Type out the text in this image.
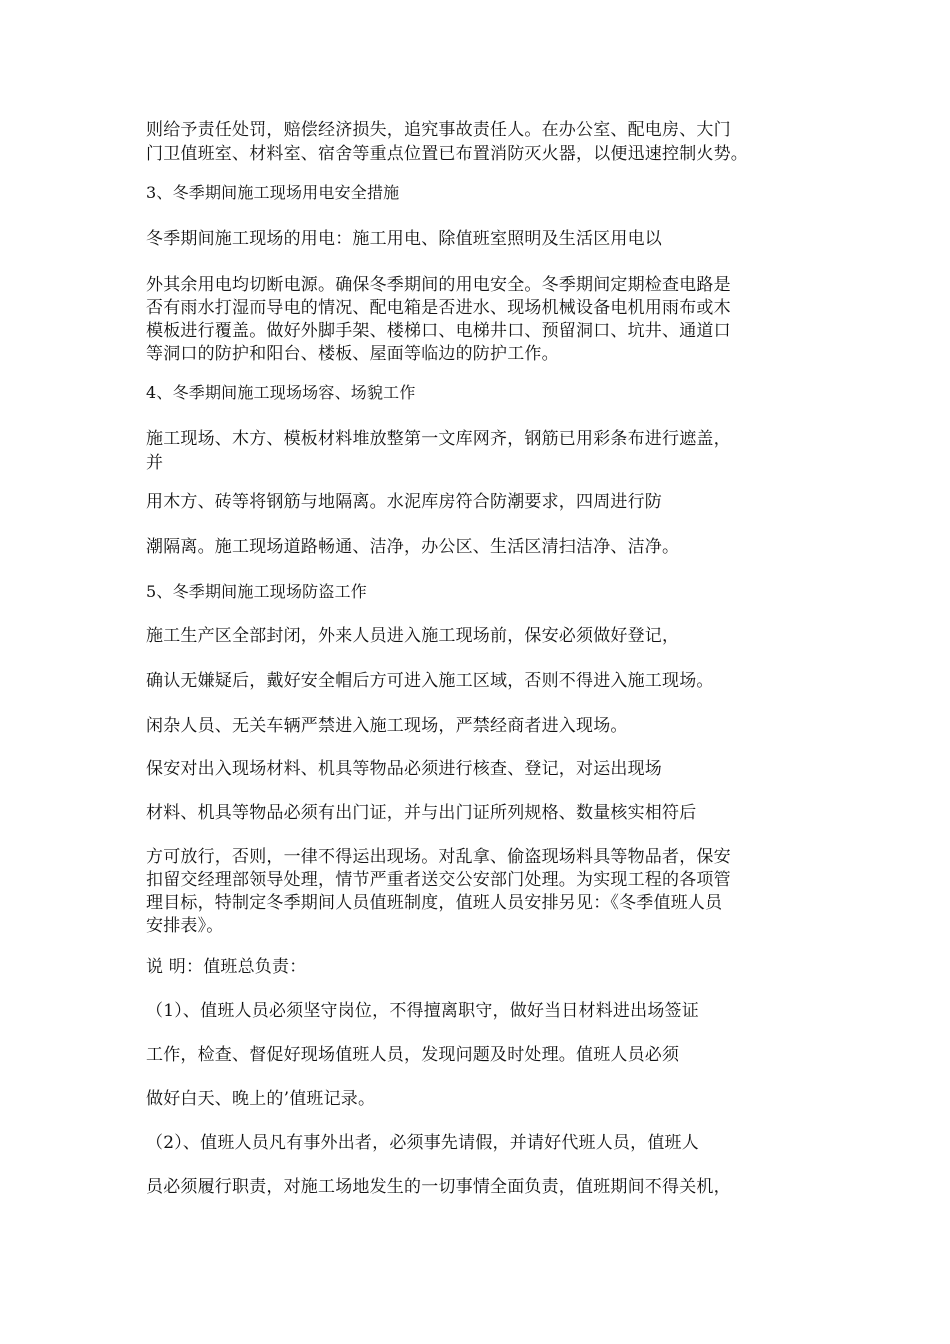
则给予责任处罚，赔偿经济损失，追究事故责任人。在办公室、配电房、大门
门卫值班室、材料室、宿舍等重点位置已布置消防灭火器，以便迅速控制火势。
3、冬季期间施工现场用电安全措施
冬季期间施工现场的用电：施工用电、除值班室照明及生活区用电以
外其余用电均切断电源。确保冬季期间的用电安全。冬季期间定期检查电路是
否有雨水打湿而导电的情况、配电箱是否进水、现场机械设备电机用雨布或木
模板进行覆盖。做好外脚手架、楼梯口、电梯井口、预留洞口、坑井、通道口
等洞口的防护和阳台、楼板、屋面等临边的防护工作。
4、冬季期间施工现场场容、场貌工作
施工现场、木方、模板材料堆放整第一文库网齐，钢筋已用彩条布进行遮盖，
并
用木方、砖等将钢筋与地隔离。水泥库房符合防潮要求，四周进行防
潮隔离。施工现场道路畅通、洁净，办公区、生活区清扫洁净、洁净。
5、冬季期间施工现场防盗工作
施工生产区全部封闭，外来人员进入施工现场前，保安必须做好登记，
确认无嫌疑后，戴好安全帽后方可进入施工区域，否则不得进入施工现场。
闲杂人员、无关车辆严禁进入施工现场，严禁经商者进入现场。
保安对出入现场材料、机具等物品必须进行核查、登记，对运出现场
材料、机具等物品必须有出门证，并与出门证所列规格、数量核实相符后
方可放行，否则，一律不得运出现场。对乱拿、偷盗现场料具等物品者，保安
扣留交经理部领导处理，情节严重者送交公安部门处理。为实现工程的各项管
理目标，特制定冬季期间人员值班制度，值班人员安排另见：《冬季值班人员
安排表》。
说 明：值班总负责：
（1）、值班人员必须坚守岗位，不得擅离职守，做好当日材料进出场签证
工作，检查、督促好现场值班人员，发现问题及时处理。值班人员必须
做好白天、晚上的’值班记录。
（2）、值班人员凡有事外出者，必须事先请假，并请好代班人员，值班人
员必须履行职责，对施工场地发生的一切事情全面负责，值班期间不得关机，
